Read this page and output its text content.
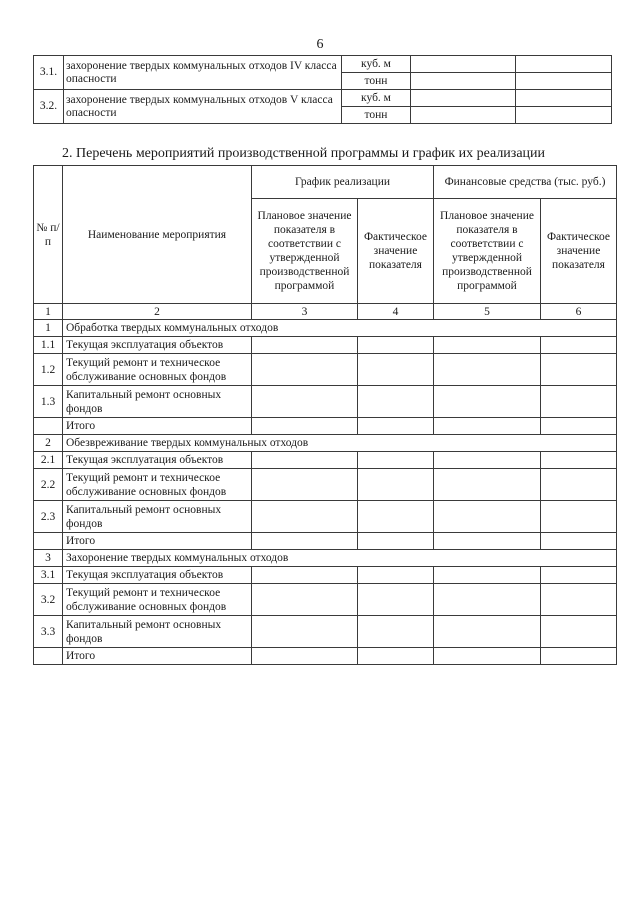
6
3.1.	захоронение твердых коммунальных отходов IV класса опасности	куб. м		
		тонн		
3.2.	захоронение твердых коммунальных отходов V класса опасности	куб. м		
		тонн		
2. Перечень мероприятий производственной программы и график их реализации
№ п/п	Наименование мероприятия	График реализации		Финансовые средства (тыс. руб.)	
		Плановое значение показателя в соответствии с утвержденной производственной программой	Фактическое значение показателя	Плановое значение показателя в соответствии с утвержденной производственной программой	Фактическое значение показателя
1	2	3	4	5	6
1	Обработка твердых коммунальных отходов				
1.1	Текущая эксплуатация объектов				
1.2	Текущий ремонт и техническое обслуживание основных фондов				
1.3	Капитальный ремонт основных фондов				
	Итого				
2	Обезвреживание твердых коммунальных отходов				
2.1	Текущая эксплуатация объектов				
2.2	Текущий ремонт и техническое обслуживание основных фондов				
2.3	Капитальный ремонт основных фондов				
	Итого				
3	Захоронение твердых коммунальных отходов				
3.1	Текущая эксплуатация объектов				
3.2	Текущий ремонт и техническое обслуживание основных фондов				
3.3	Капитальный ремонт основных фондов				
	Итого				
